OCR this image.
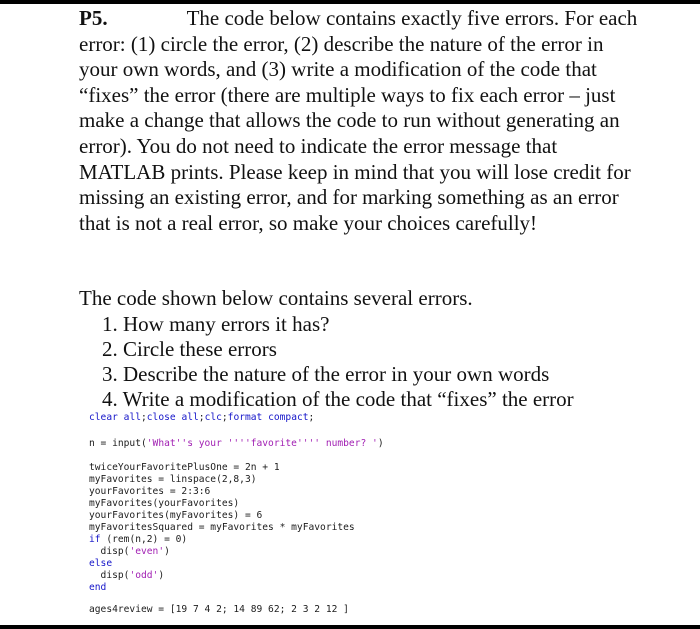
P5.	The code below contains exactly five errors. For each error: (1) circle the error, (2) describe the nature of the error in your own words, and (3) write a modification of the code that “fixes” the error (there are multiple ways to fix each error – just make a change that allows the code to run without generating an error). You do not need to indicate the error message that MATLAB prints. Please keep in mind that you will lose credit for missing an existing error, and for marking something as an error that is not a real error, so make your choices carefully!

The code shown below contains several errors.

1. How many errors it has?
2. Circle these errors
3. Describe the nature of the error in your own words
4. Write a modification of the code that “fixes” the error
clear all;close all;clc;format compact;
n = input('What''s your ''''favorite'''' number? ')
twiceYourFavoritePlusOne = 2n + 1
myFavorites = linspace(2,8,3)
yourFavorites = 2:3:6
myFavorites(yourFavorites)
yourFavorites(myFavorites) = 6
myFavoritesSquared = myFavorites * myFavorites
if (rem(n,2) = 0)
disp('even')
else
disp('odd')
end
ages4review = [19 7 4 2; 14 89 62; 2 3 2 12 ]
